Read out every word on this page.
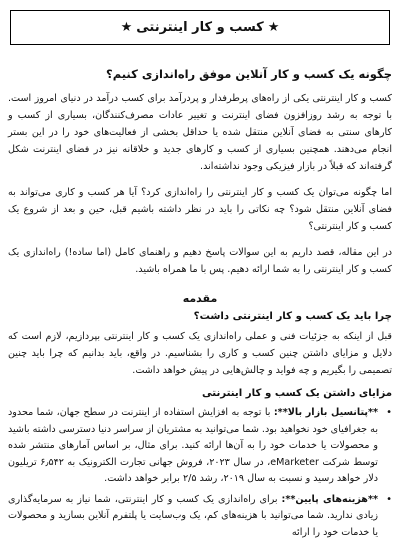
★ کسب و کار اینترنتی ★
چگونه یک کسب و کار آنلاین موفق راه‌اندازی کنیم؟

کسب و کار اینترنتی یکی از راه‌های پرطرفدار و پردرآمد برای کسب درآمد در دنیای امروز است. با توجه به رشد روزافزون فضای اینترنت و تغییر عادات مصرف‌کنندگان، بسیاری از کسب و کارهای سنتی به فضای آنلاین منتقل شده یا حداقل بخشی از فعالیت‌های خود را در این بستر انجام می‌دهند. همچنین بسیاری از کسب و کارهای جدید و خلاقانه نیز در فضای اینترنت شکل گرفته‌اند که قبلاً در بازار فیزیکی وجود نداشته‌اند.

اما چگونه می‌توان یک کسب و کار اینترنتی را راه‌اندازی کرد؟ آیا هر کسب و کاری می‌تواند به فضای آنلاین منتقل شود؟ چه نکاتی را باید در نظر داشته باشیم قبل، حین و بعد از شروع یک کسب و کار اینترنتی؟

در این مقاله، قصد داریم به این سوالات پاسخ دهیم و راهنمای کامل (اما ساده!) راه‌اندازی یک کسب و کار اینترنتی را به شما ارائه دهیم. پس با ما همراه باشید.

مقدمه
چرا باید یک کسب و کار اینترنتی داشت؟

قبل از اینکه به جزئیات فنی و عملی راه‌اندازی یک کسب و کار اینترنتی بپردازیم، لازم است که دلایل و مزایای داشتن چنین کسب و کاری را بشناسیم. در واقع، باید بدانیم که چرا باید چنین تصمیمی را بگیریم و چه فواید و چالش‌هایی در پیش خواهد داشت.

مزایای داشتن یک کسب و کار اینترنتی
•
**پتانسیل بازار بالا**: با توجه به افزایش استفاده از اینترنت در سطح جهان، شما محدود به جغرافیای خود نخواهید بود. شما می‌توانید به مشتریان از سراسر دنیا دسترسی داشته باشید و محصولات یا خدمات خود را به آن‌ها ارائه کنید. برای مثال، بر اساس آمارهای منتشر شده توسط شرکت eMarketer، در سال ۲۰۲۳، فروش جهانی تجارت الکترونیک به ۶٫۵۴۲ تریلیون دلار خواهد رسید و نسبت به سال ۲۰۱۹، رشد ۲/۵ برابر خواهد داشت.
•
**هزینه‌های پایین**: برای راه‌اندازی یک کسب و کار اینترنتی، شما نیاز به سرمایه‌گذاری زیادی ندارید. شما می‌توانید با هزینه‌های کم، یک وب‌سایت یا پلتفرم آنلاین بسازید و محصولات یا خدمات خود را ارائه
